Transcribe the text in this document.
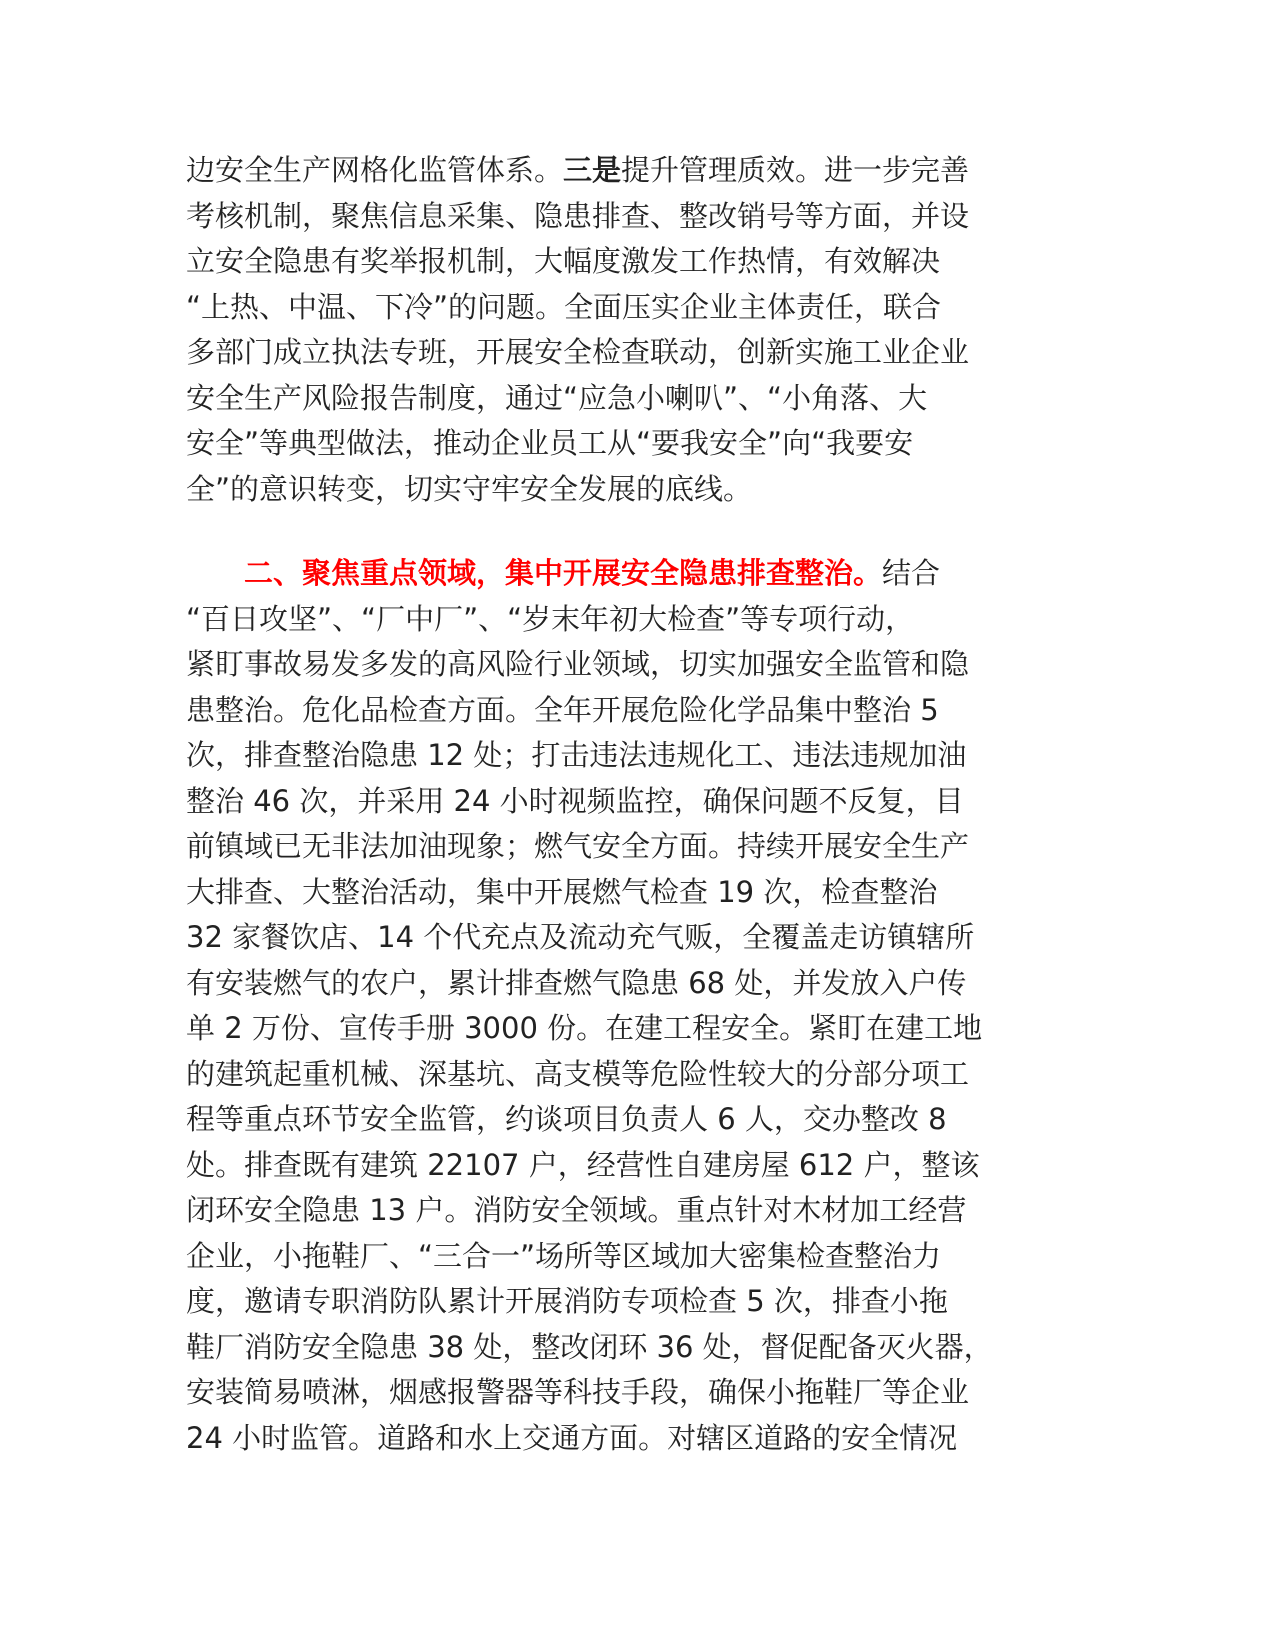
边安全生产网格化监管体系。三是提升管理质效。进一步完善
考核机制，聚焦信息采集、隐患排查、整改销号等方面，并设
立安全隐患有奖举报机制，大幅度激发工作热情，有效解决
“上热、中温、下冷”的问题。全面压实企业主体责任，联合
多部门成立执法专班，开展安全检查联动，创新实施工业企业
安全生产风险报告制度，通过“应急小喇叭”、“小角落、大
安全”等典型做法，推动企业员工从“要我安全”向“我要安
全”的意识转变，切实守牢安全发展的底线。
二、聚焦重点领域，集中开展安全隐患排查整治。结合
“百日攻坚”、“厂中厂”、“岁末年初大检查”等专项行动，
紧盯事故易发多发的高风险行业领域，切实加强安全监管和隐
患整治。危化品检查方面。全年开展危险化学品集中整治 5
次，排查整治隐患 12 处；打击违法违规化工、违法违规加油
整治 46 次，并采用 24 小时视频监控，确保问题不反复，目
前镇域已无非法加油现象；燃气安全方面。持续开展安全生产
大排查、大整治活动，集中开展燃气检查 19 次，检查整治
32 家餐饮店、14 个代充点及流动充气贩，全覆盖走访镇辖所
有安装燃气的农户，累计排查燃气隐患 68 处，并发放入户传
单 2 万份、宣传手册 3000 份。在建工程安全。紧盯在建工地
的建筑起重机械、深基坑、高支模等危险性较大的分部分项工
程等重点环节安全监管，约谈项目负责人 6 人，交办整改 8
处。排查既有建筑 22107 户，经营性自建房屋 612 户，整该
闭环安全隐患 13 户。消防安全领域。重点针对木材加工经营
企业，小拖鞋厂、“三合一”场所等区域加大密集检查整治力
度，邀请专职消防队累计开展消防专项检查 5 次，排查小拖
鞋厂消防安全隐患 38 处，整改闭环 36 处，督促配备灭火器，
安装简易喷淋，烟感报警器等科技手段，确保小拖鞋厂等企业
24 小时监管。道路和水上交通方面。对辖区道路的安全情况
